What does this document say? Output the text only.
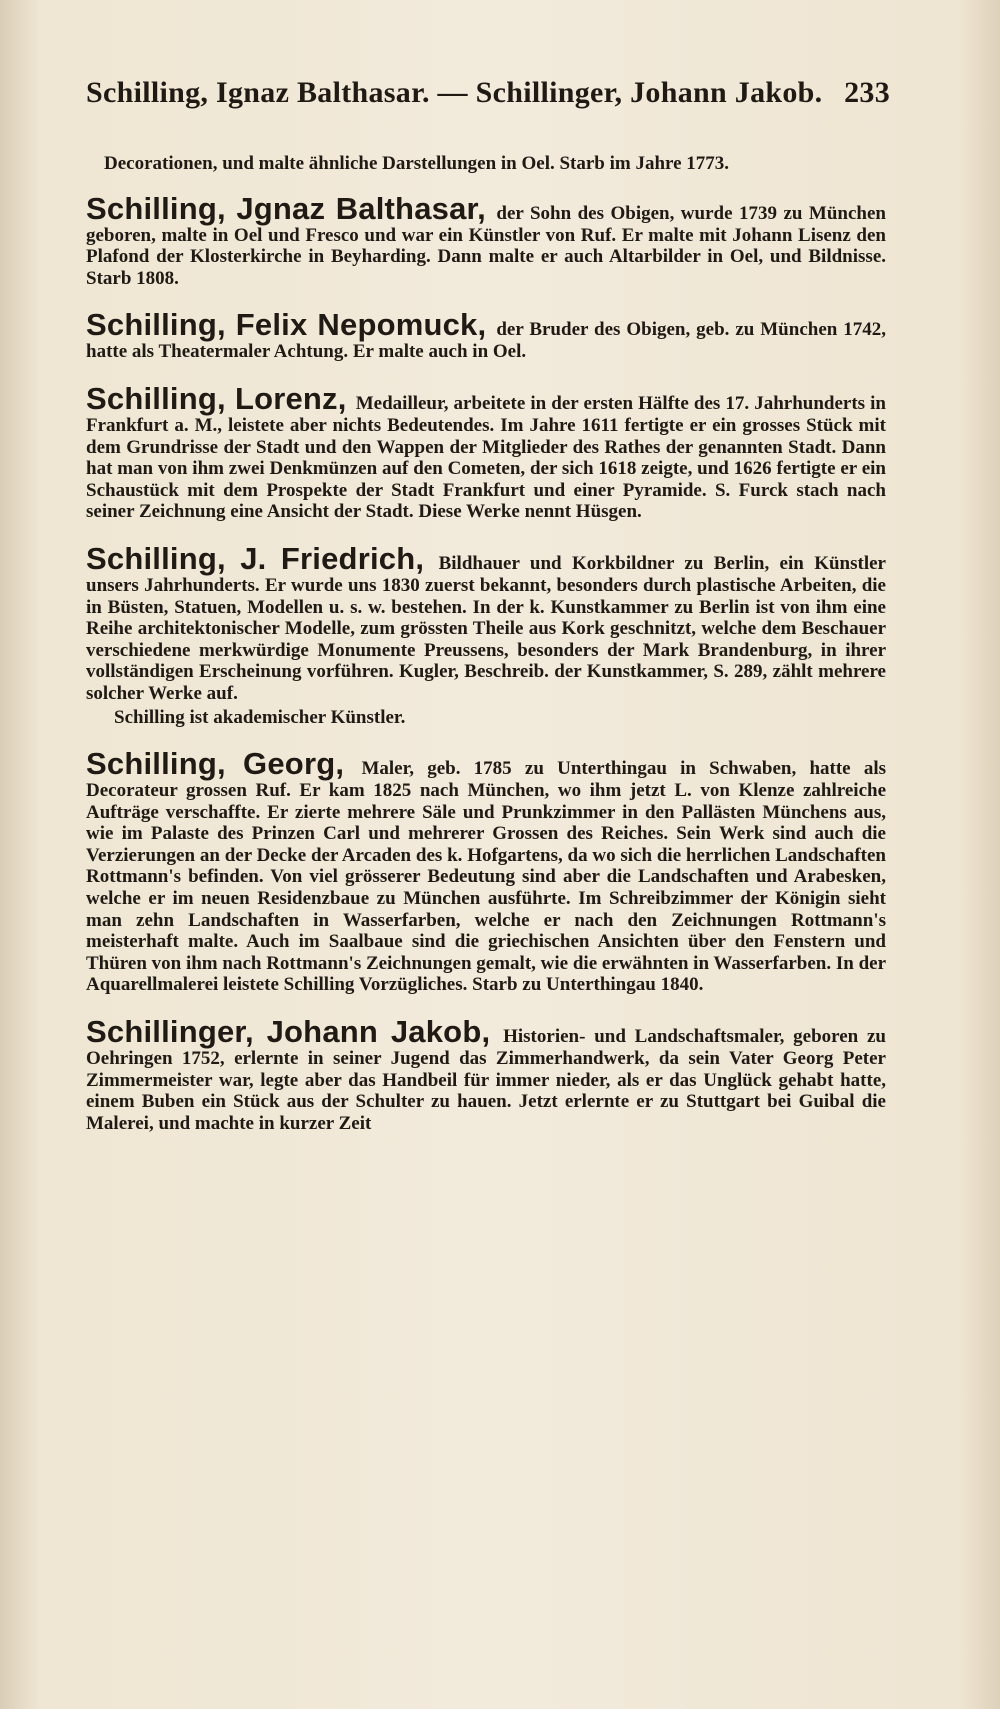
Schilling, Ignaz Balthasar. — Schillinger, Johann Jakob. 233

Decorationen, und malte ähnliche Darstellungen in Oel. Starb im Jahre 1773.

Schilling, Jgnaz Balthasar, der Sohn des Obigen, wurde 1739 zu München geboren, malte in Oel und Fresco und war ein Künstler von Ruf. Er malte mit Johann Lisenz den Plafond der Klosterkirche in Beyharding. Dann malte er auch Altarbilder in Oel, und Bildnisse. Starb 1808.

Schilling, Felix Nepomuck, der Bruder des Obigen, geb. zu München 1742, hatte als Theatermaler Achtung. Er malte auch in Oel.

Schilling, Lorenz, Medailleur, arbeitete in der ersten Hälfte des 17. Jahrhunderts in Frankfurt a. M., leistete aber nichts Bedeutendes. Im Jahre 1611 fertigte er ein grosses Stück mit dem Grundrisse der Stadt und den Wappen der Mitglieder des Rathes der genannten Stadt. Dann hat man von ihm zwei Denkmünzen auf den Cometen, der sich 1618 zeigte, und 1626 fertigte er ein Schaustück mit dem Prospekte der Stadt Frankfurt und einer Pyramide. S. Furck stach nach seiner Zeichnung eine Ansicht der Stadt. Diese Werke nennt Hüsgen.

Schilling, J. Friedrich, Bildhauer und Korkbildner zu Berlin, ein Künstler unsers Jahrhunderts. Er wurde uns 1830 zuerst bekannt, besonders durch plastische Arbeiten, die in Büsten, Statuen, Modellen u. s. w. bestehen. In der k. Kunstkammer zu Berlin ist von ihm eine Reihe architektonischer Modelle, zum grössten Theile aus Kork geschnitzt, welche dem Beschauer verschiedene merkwürdige Monumente Preussens, besonders der Mark Brandenburg, in ihrer vollständigen Erscheinung vorführen. Kugler, Beschreib. der Kunstkammer, S. 289, zählt mehrere solcher Werke auf.
Schilling ist akademischer Künstler.

Schilling, Georg, Maler, geb. 1785 zu Unterthingau in Schwaben, hatte als Decorateur grossen Ruf. Er kam 1825 nach München, wo ihm jetzt L. von Klenze zahlreiche Aufträge verschaffte. Er zierte mehrere Säle und Prunkzimmer in den Pallästen Münchens aus, wie im Palaste des Prinzen Carl und mehrerer Grossen des Reiches. Sein Werk sind auch die Verzierungen an der Decke der Arcaden des k. Hofgartens, da wo sich die herrlichen Landschaften Rottmann's befinden. Von viel grösserer Bedeutung sind aber die Landschaften und Arabesken, welche er im neuen Residenzbaue zu München ausführte. Im Schreibzimmer der Königin sieht man zehn Landschaften in Wasserfarben, welche er nach den Zeichnungen Rottmann's meisterhaft malte. Auch im Saalbaue sind die griechischen Ansichten über den Fenstern und Thüren von ihm nach Rottmann's Zeichnungen gemalt, wie die erwähnten in Wasserfarben. In der Aquarellmalerei leistete Schilling Vorzügliches. Starb zu Unterthingau 1840.

Schillinger, Johann Jakob, Historien- und Landschaftsmaler, geboren zu Oehringen 1752, erlernte in seiner Jugend das Zimmerhandwerk, da sein Vater Georg Peter Zimmermeister war, legte aber das Handbeil für immer nieder, als er das Unglück gehabt hatte, einem Buben ein Stück aus der Schulter zu hauen. Jetzt erlernte er zu Stuttgart bei Guibal die Malerei, und machte in kurzer Zeit
